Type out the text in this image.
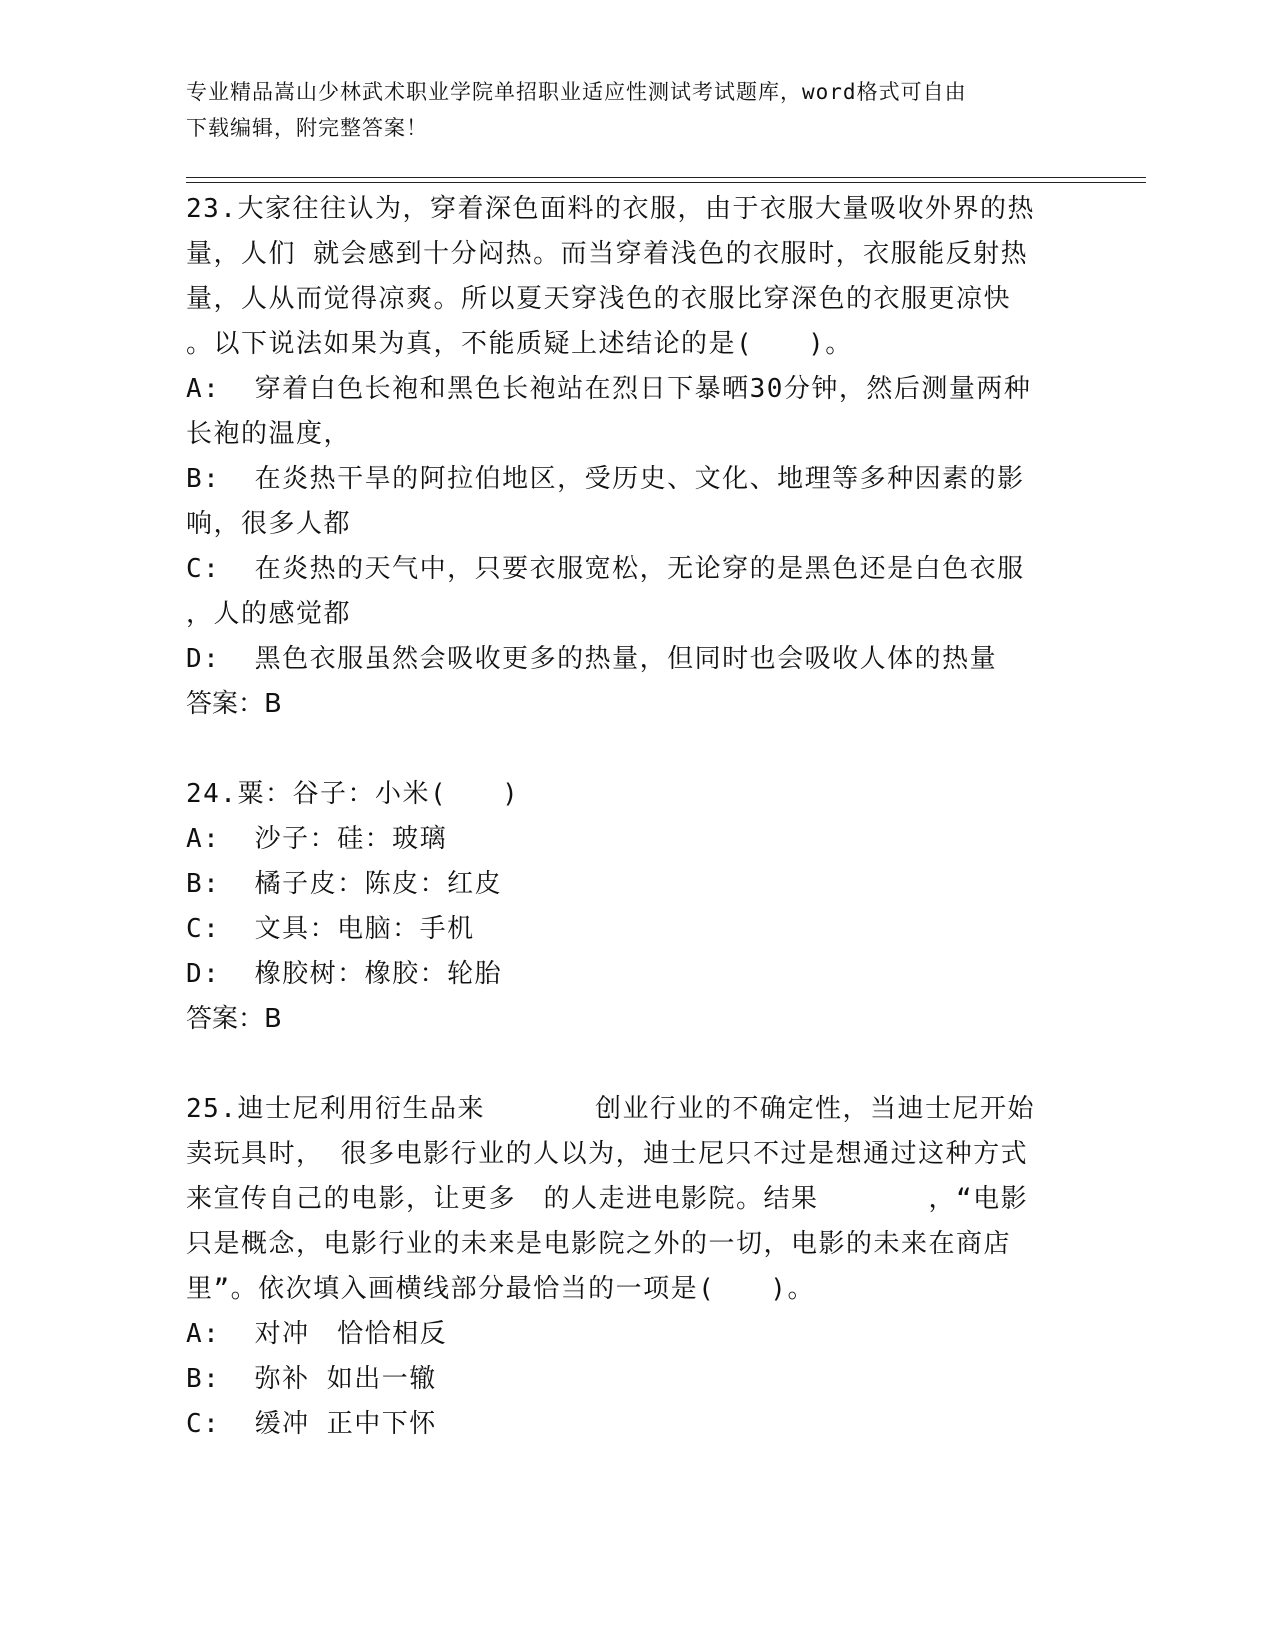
专业精品嵩山少林武术职业学院单招职业适应性测试考试题库，word格式可自由
下载编辑，附完整答案！
23.大家往往认为，穿着深色面料的衣服，由于衣服大量吸收外界的热
量，人们 就会感到十分闷热。而当穿着浅色的衣服时，衣服能反射热
量，人从而觉得凉爽。所以夏天穿浅色的衣服比穿深色的衣服更凉快
。以下说法如果为真，不能质疑上述结论的是(　　)。
A:  穿着白色长袍和黑色长袍站在烈日下暴晒30分钟，然后测量两种
长袍的温度，
B:  在炎热干旱的阿拉伯地区，受历史、文化、地理等多种因素的影
响，很多人都
C:  在炎热的天气中，只要衣服宽松，无论穿的是黑色还是白色衣服
，人的感觉都
D:  黑色衣服虽然会吸收更多的热量，但同时也会吸收人体的热量
答案：B
24.粟：谷子：小米(　　)
A:  沙子：硅：玻璃
B:  橘子皮：陈皮：红皮
C:  文具：电脑：手机
D:  橡胶树：橡胶：轮胎
答案：B
25.迪士尼利用衍生品来　　　　创业行业的不确定性，当迪士尼开始
卖玩具时， 很多电影行业的人以为，迪士尼只不过是想通过这种方式
来宣传自己的电影，让更多　的人走进电影院。结果　　　　，“电影
只是概念，电影行业的未来是电影院之外的一切，电影的未来在商店
里”。依次填入画横线部分最恰当的一项是(　　)。
A:  对冲　恰恰相反
B:  弥补 如出一辙
C:  缓冲 正中下怀
